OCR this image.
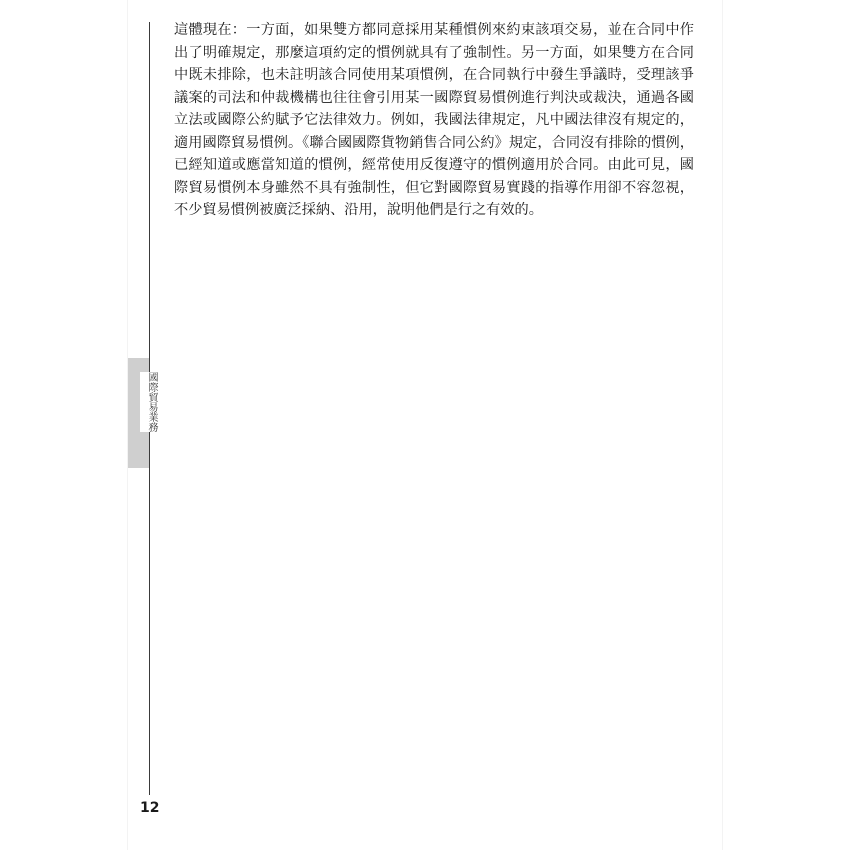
國際貿易業務

這體現在：一方面，如果雙方都同意採用某種慣例來約束該項交易，並在合同中作出了明確規定，那麼這項約定的慣例就具有了強制性。另一方面，如果雙方在合同中既未排除，也未註明該合同使用某項慣例，在合同執行中發生爭議時，受理該爭議案的司法和仲裁機構也往往會引用某一國際貿易慣例進行判決或裁決，通過各國立法或國際公約賦予它法律效力。例如，我國法律規定，凡中國法律沒有規定的，適用國際貿易慣例。《聯合國國際貨物銷售合同公約》規定，合同沒有排除的慣例，已經知道或應當知道的慣例，經常使用反復遵守的慣例適用於合同。由此可見，國際貿易慣例本身雖然不具有強制性，但它對國際貿易實踐的指導作用卻不容忽視，不少貿易慣例被廣泛採納、沿用，說明他們是行之有效的。

12
